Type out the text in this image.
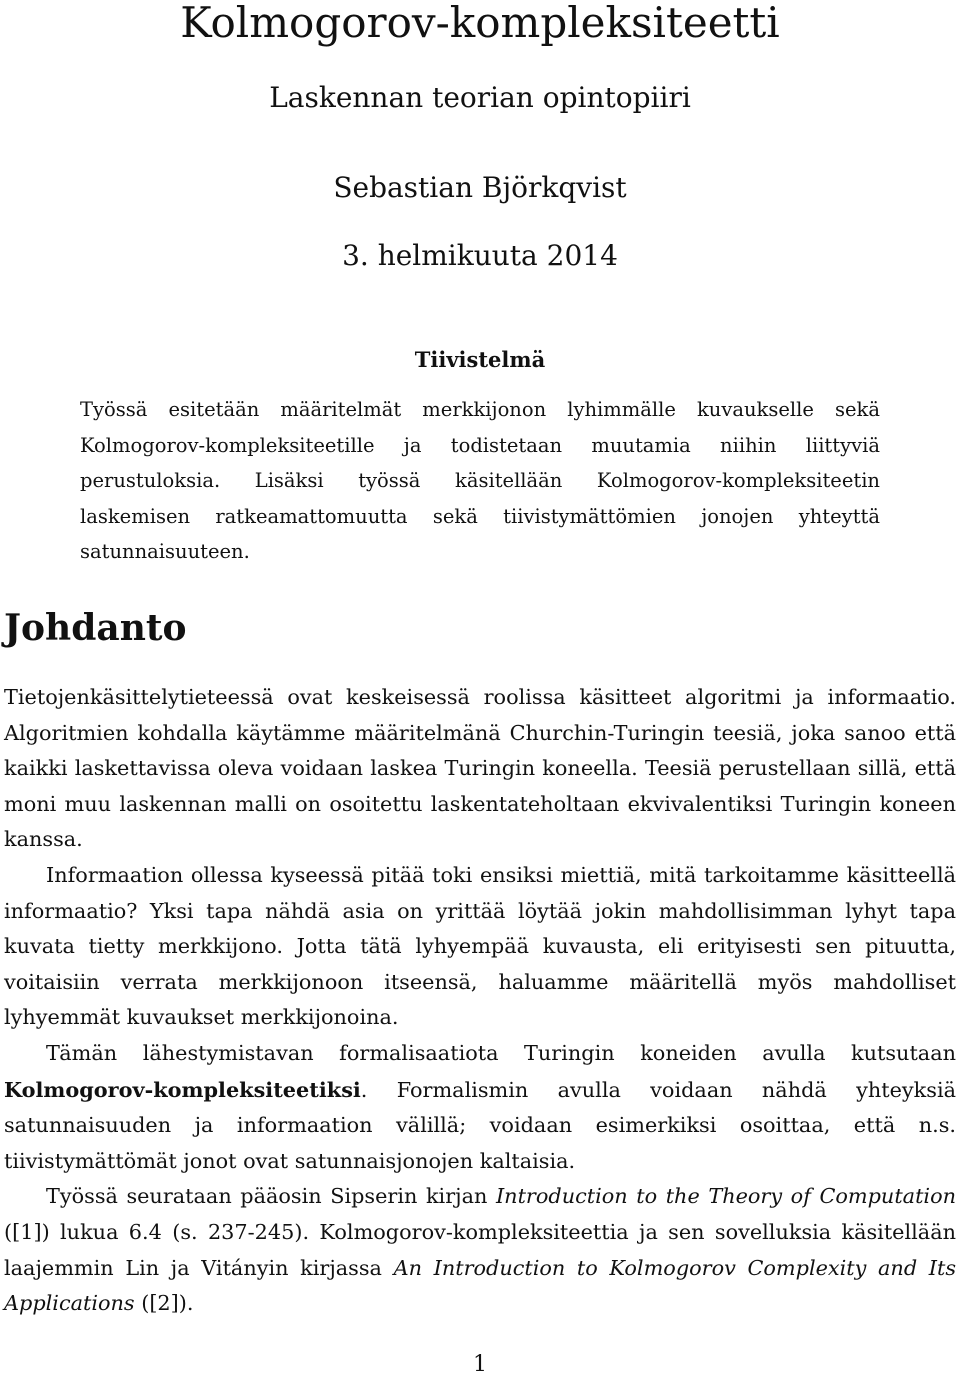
Kolmogorov-kompleksiteetti
Laskennan teorian opintopiiri
Sebastian Björkqvist
3. helmikuuta 2014
Tiivistelmä
Työssä esitetään määritelmät merkkijonon lyhimmälle kuvaukselle sekä Kolmogorov-kompleksiteetille ja todistetaan muutamia niihin liittyviä perustuloksia. Lisäksi työssä käsitellään Kolmogorov-kompleksiteetin laskemisen ratkeamattomuutta sekä tiivistymättömien jonojen yhteyttä satunnaisuuteen.
Johdanto

Tietojenkäsittelytieteessä ovat keskeisessä roolissa käsitteet algoritmi ja informaatio. Algoritmien kohdalla käytämme määritelmänä Churchin-Turingin teesiä, joka sanoo että kaikki laskettavissa oleva voidaan laskea Turingin koneella. Teesiä perustellaan sillä, että moni muu laskennan malli on osoitettu laskentateholtaan ekvivalentiksi Turingin koneen kanssa.

Informaation ollessa kyseessä pitää toki ensiksi miettiä, mitä tarkoitamme käsitteellä informaatio? Yksi tapa nähdä asia on yrittää löytää jokin mahdollisimman lyhyt tapa kuvata tietty merkkijono. Jotta tätä lyhyempää kuvausta, eli erityisesti sen pituutta, voitaisiin verrata merkkijonoon itseensä, haluamme määritellä myös mahdolliset lyhyemmät kuvaukset merkkijonoina.

Tämän lähestymistavan formalisaatiota Turingin koneiden avulla kutsutaan Kolmogorov-kompleksiteetiksi. Formalismin avulla voidaan nähdä yhteyksiä satunnaisuuden ja informaation välillä; voidaan esimerkiksi osoittaa, että n.s. tiivistymättömät jonot ovat satunnaisjonojen kaltaisia.

Työssä seurataan pääosin Sipserin kirjan Introduction to the Theory of Computation ([1]) lukua 6.4 (s. 237-245). Kolmogorov-kompleksiteettia ja sen sovelluksia käsitellään laajemmin Lin ja Vitányin kirjassa An Introduction to Kolmogorov Complexity and Its Applications ([2]).

1
